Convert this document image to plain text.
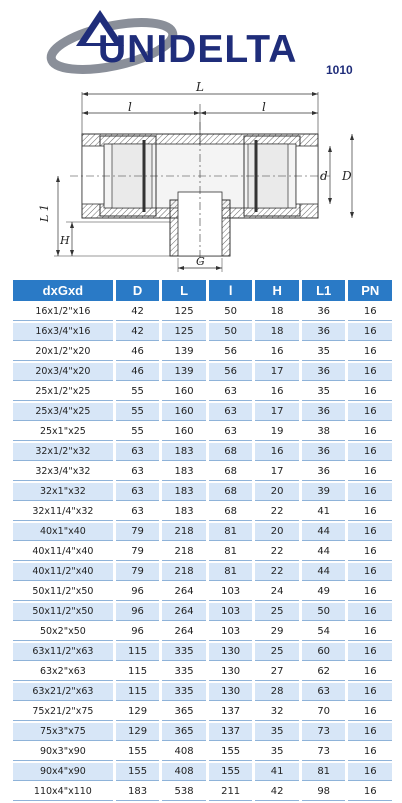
UNIDELTA 1010
L
l	l
d D
L 1
H
G
dxGxd	D	L	l	H	L1	PN
16x1/2"x16	42	125	50	18	36	16
16x3/4"x16	42	125	50	18	36	16
20x1/2"x20	46	139	56	16	35	16
20x3/4"x20	46	139	56	17	36	16
25x1/2"x25	55	160	63	16	35	16
25x3/4"x25	55	160	63	17	36	16
25x1"x25	55	160	63	19	38	16
32x1/2"x32	63	183	68	16	36	16
32x3/4"x32	63	183	68	17	36	16
32x1"x32	63	183	68	20	39	16
32x11/4"x32	63	183	68	22	41	16
40x1"x40	79	218	81	20	44	16
40x11/4"x40	79	218	81	22	44	16
40x11/2"x40	79	218	81	22	44	16
50x11/2"x50	96	264	103	24	49	16
50x11/2"x50	96	264	103	25	50	16
50x2"x50	96	264	103	29	54	16
63x11/2"x63	115	335	130	25	60	16
63x2"x63	115	335	130	27	62	16
63x21/2"x63	115	335	130	28	63	16
75x21/2"x75	129	365	137	32	70	16
75x3"x75	129	365	137	35	73	16
90x3"x90	155	408	155	35	73	16
90x4"x90	155	408	155	41	81	16
110x4"x110	183	538	211	42	98	16
